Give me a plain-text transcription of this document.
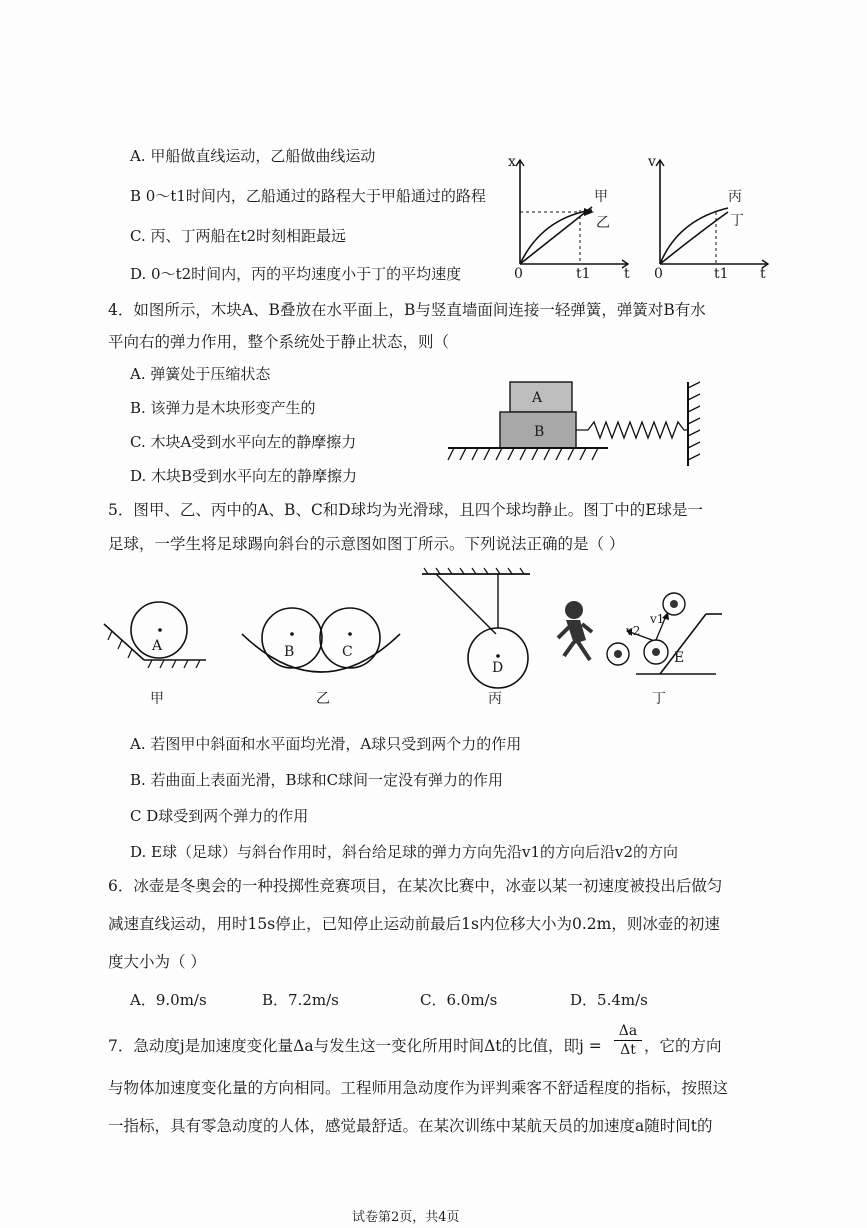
A. 甲船做直线运动，乙船做曲线运动
B 0～t1时间内，乙船通过的路程大于甲船通过的路程
C. 丙、丁两船在t2时刻相距最远
D. 0～t2时间内，丙的平均速度小于丁的平均速度
x
甲
乙
0	t1 t
v
丙
丁
0	t1 t
4．如图所示，木块A、B叠放在水平面上，B与竖直墙面间连接一轻弹簧，弹簧对B有水
平向右的弹力作用，整个系统处于静止状态，则（
A. 弹簧处于压缩状态
B. 该弹力是木块形变产生的
C. 木块A受到水平向左的静摩擦力
D. 木块B受到水平向左的静摩擦力
A
B
5．图甲、乙、丙中的A、B、C和D球均为光滑球，且四个球均静止。图丁中的E球是一
足球，一学生将足球踢向斜台的示意图如图丁所示。下列说法正确的是（ ）
A
甲
B	C
乙
D
丙
v1
v2
E
丁
A. 若图甲中斜面和水平面均光滑，A球只受到两个力的作用
B. 若曲面上表面光滑，B球和C球间一定没有弹力的作用
C D球受到两个弹力的作用
D. E球（足球）与斜台作用时，斜台给足球的弹力方向先沿v1的方向后沿v2的方向
6．冰壶是冬奥会的一种投掷性竞赛项目，在某次比赛中，冰壶以某一初速度被投出后做匀
减速直线运动，用时15s停止，已知停止运动前最后1s内位移大小为0.2m，则冰壶的初速
度大小为（ ）
A．9.0m/s	B．7.2m/s	C．6.0m/s	D．5.4m/s
7．急动度j是加速度变化量Δa与发生这一变化所用时间Δt的比值，即$j = \frac{\Delta a}{\Delta t}$ ，它的方向
与物体加速度变化量的方向相同。工程师用急动度作为评判乘客不舒适程度的指标，按照这
一指标，具有零急动度的人体，感觉最舒适。在某次训练中某航天员的加速度a随时间t的
试卷第2页，共4页
